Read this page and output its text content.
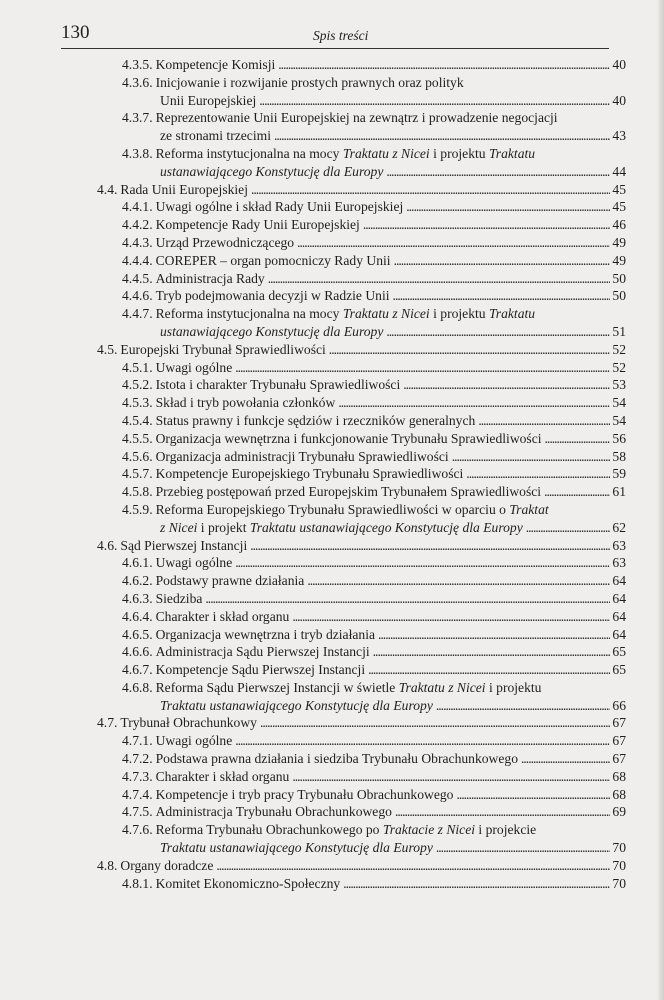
130	Spis treści
4.3.5. Kompetencje Komisji . . .	40
4.3.6. Inicjowanie i rozwijanie prostych prawnych oraz polityk
Unii Europejskiej . . .	40
4.3.7. Reprezentowanie Unii Europejskiej na zewnątrz i prowadzenie negocjacji
ze stronami trzecimi . . .	43
4.3.8. Reforma instytucjonalna na mocy Traktatu z Nicei i projektu Traktatu
ustanawiającego Konstytucję dla Europy . . .	44
4.4. Rada Unii Europejskiej . . .	45
4.4.1. Uwagi ogólne i skład Rady Unii Europejskiej . . .	45
4.4.2. Kompetencje Rady Unii Europejskiej . . .	46
4.4.3. Urząd Przewodniczącego . . .	49
4.4.4. COREPER – organ pomocniczy Rady Unii . . .	49
4.4.5. Administracja Rady . . .	50
4.4.6. Tryb podejmowania decyzji w Radzie Unii . . .	50
4.4.7. Reforma instytucjonalna na mocy Traktatu z Nicei i projektu Traktatu
ustanawiającego Konstytucję dla Europy . . .	51
4.5. Europejski Trybunał Sprawiedliwości . . .	52
4.5.1. Uwagi ogólne . . .	52
4.5.2. Istota i charakter Trybunału Sprawiedliwości . . .	53
4.5.3. Skład i tryb powołania członków . . .	54
4.5.4. Status prawny i funkcje sędziów i rzeczników generalnych . . .	54
4.5.5. Organizacja wewnętrzna i funkcjonowanie Trybunału Sprawiedliwości . . .	56
4.5.6. Organizacja administracji Trybunału Sprawiedliwości . . .	58
4.5.7. Kompetencje Europejskiego Trybunału Sprawiedliwości . . .	59
4.5.8. Przebieg postępowań przed Europejskim Trybunałem Sprawiedliwości . . .	61
4.5.9. Reforma Europejskiego Trybunału Sprawiedliwości w oparciu o Traktat
z Nicei i projekt Traktatu ustanawiającego Konstytucję dla Europy . . .	62
4.6. Sąd Pierwszej Instancji . . .	63
4.6.1. Uwagi ogólne . . .	63
4.6.2. Podstawy prawne działania . . .	64
4.6.3. Siedziba . . .	64
4.6.4. Charakter i skład organu . . .	64
4.6.5. Organizacja wewnętrzna i tryb działania . . .	64
4.6.6. Administracja Sądu Pierwszej Instancji . . .	65
4.6.7. Kompetencje Sądu Pierwszej Instancji . . .	65
4.6.8. Reforma Sądu Pierwszej Instancji w świetle Traktatu z Nicei i projektu
Traktatu ustanawiającego Konstytucję dla Europy . . .	66
4.7. Trybunał Obrachunkowy . . .	67
4.7.1. Uwagi ogólne . . .	67
4.7.2. Podstawa prawna działania i siedziba Trybunału Obrachunkowego . . .	67
4.7.3. Charakter i skład organu . . .	68
4.7.4. Kompetencje i tryb pracy Trybunału Obrachunkowego . . .	68
4.7.5. Administracja Trybunału Obrachunkowego . . .	69
4.7.6. Reforma Trybunału Obrachunkowego po Traktacie z Nicei i projekcie
Traktatu ustanawiającego Konstytucję dla Europy . . .	70
4.8. Organy doradcze . . .	70
4.8.1. Komitet Ekonomiczno-Społeczny . . .	70
